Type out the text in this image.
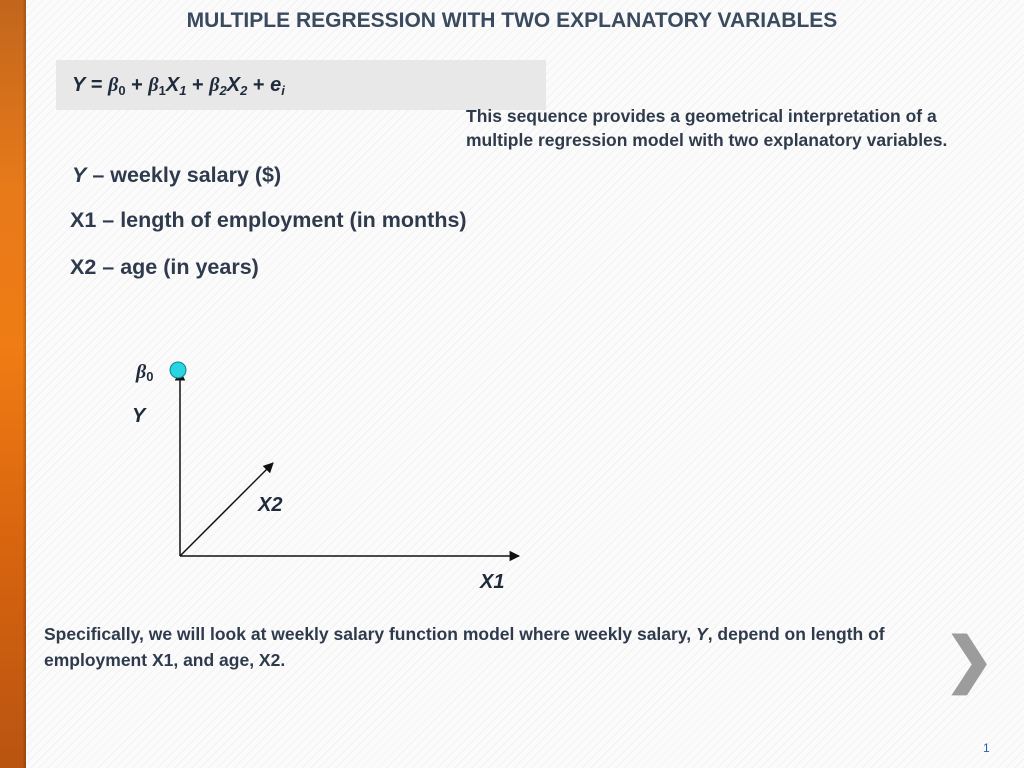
MULTIPLE REGRESSION WITH TWO EXPLANATORY VARIABLES
$Y = \beta_0 + \beta_1X_1 + \beta_2X_2 + e_i$
This sequence provides a geometrical interpretation of a multiple regression model with two explanatory variables.
Y – weekly salary ($)
X1 – length of employment (in months)
X2 – age (in years)
$\beta_0$
Y
X2
X1
Specifically, we will look at weekly salary function model where weekly salary, Y, depend on length of employment X1, and age, X2.	❯
1
